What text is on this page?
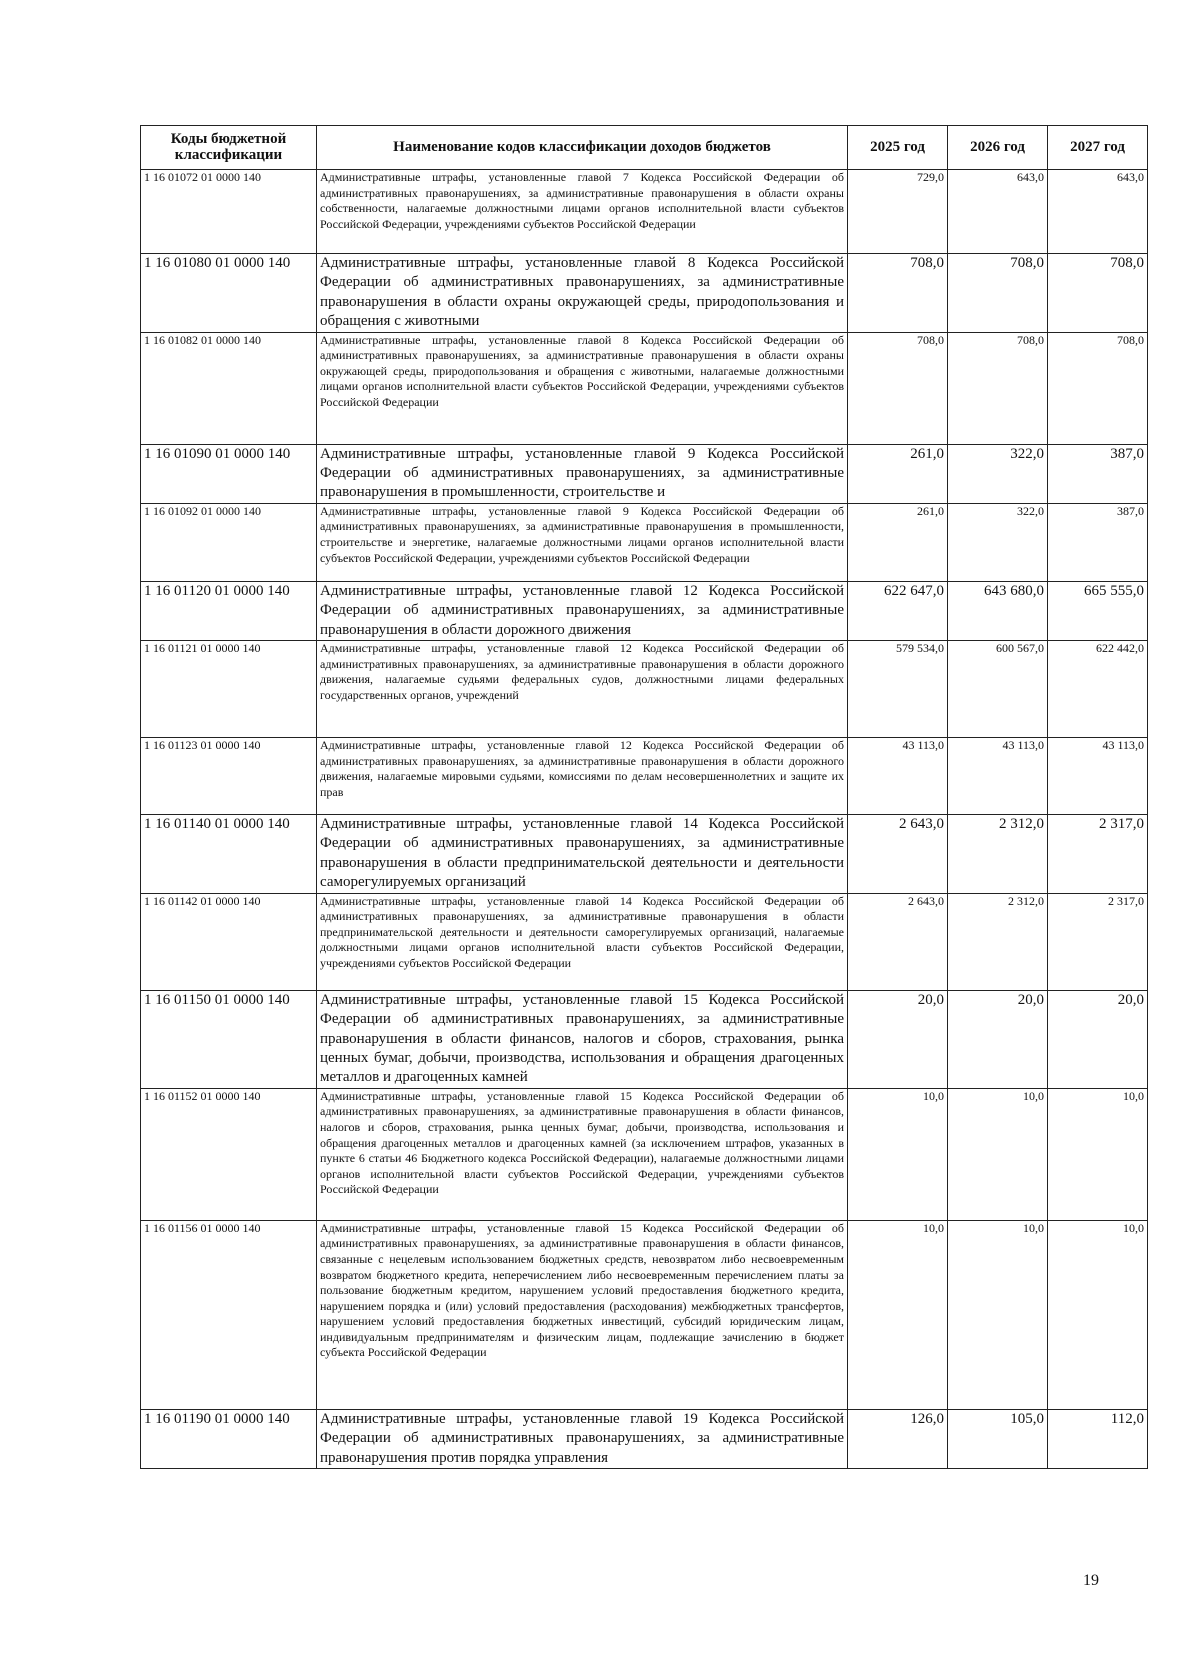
Коды бюджетной классификации	Наименование кодов классификации доходов бюджетов	2025 год	2026 год	2027 год
1 16 01072 01 0000 140	Административные штрафы, установленные главой 7 Кодекса Российской Федерации об административных правонарушениях, за административные правонарушения в области охраны собственности, налагаемые должностными лицами органов исполнительной власти субъектов Российской Федерации, учреждениями субъектов Российской Федерации	729,0	643,0	643,0
1 16 01080 01 0000 140	Административные штрафы, установленные главой 8 Кодекса Российской Федерации об административных правонарушениях, за административные правонарушения в области охраны окружающей среды, природопользования и обращения с животными	708,0	708,0	708,0
1 16 01082 01 0000 140	Административные штрафы, установленные главой 8 Кодекса Российской Федерации об административных правонарушениях, за административные правонарушения в области охраны окружающей среды, природопользования и обращения с животными, налагаемые должностными лицами органов исполнительной власти субъектов Российской Федерации, учреждениями субъектов Российской Федерации	708,0	708,0	708,0
1 16 01090 01 0000 140	Административные штрафы, установленные главой 9 Кодекса Российской Федерации об административных правонарушениях, за административные правонарушения в промышленности, строительстве и	261,0	322,0	387,0
1 16 01092 01 0000 140	Административные штрафы, установленные главой 9 Кодекса Российской Федерации об административных правонарушениях, за административные правонарушения в промышленности, строительстве и энергетике, налагаемые должностными лицами органов исполнительной власти субъектов Российской Федерации, учреждениями субъектов Российской Федерации	261,0	322,0	387,0
1 16 01120 01 0000 140	Административные штрафы, установленные главой 12 Кодекса Российской Федерации об административных правонарушениях, за административные правонарушения в области дорожного движения	622 647,0	643 680,0	665 555,0
1 16 01121 01 0000 140	Административные штрафы, установленные главой 12 Кодекса Российской Федерации об административных правонарушениях, за административные правонарушения в области дорожного движения, налагаемые судьями федеральных судов, должностными лицами федеральных государственных органов, учреждений	579 534,0	600 567,0	622 442,0
1 16 01123 01 0000 140	Административные штрафы, установленные главой 12 Кодекса Российской Федерации об административных правонарушениях, за административные правонарушения в области дорожного движения, налагаемые мировыми судьями, комиссиями по делам несовершеннолетних и защите их прав	43 113,0	43 113,0	43 113,0
1 16 01140 01 0000 140	Административные штрафы, установленные главой 14 Кодекса Российской Федерации об административных правонарушениях, за административные правонарушения в области предпринимательской деятельности и деятельности саморегулируемых организаций	2 643,0	2 312,0	2 317,0
1 16 01142 01 0000 140	Административные штрафы, установленные главой 14 Кодекса Российской Федерации об административных правонарушениях, за административные правонарушения в области предпринимательской деятельности и деятельности саморегулируемых организаций, налагаемые должностными лицами органов исполнительной власти субъектов Российской Федерации, учреждениями субъектов Российской Федерации	2 643,0	2 312,0	2 317,0
1 16 01150 01 0000 140	Административные штрафы, установленные главой 15 Кодекса Российской Федерации об административных правонарушениях, за административные правонарушения в области финансов, налогов и сборов, страхования, рынка ценных бумаг, добычи, производства, использования и обращения драгоценных металлов и драгоценных камней	20,0	20,0	20,0
1 16 01152 01 0000 140	Административные штрафы, установленные главой 15 Кодекса Российской Федерации об административных правонарушениях, за административные правонарушения в области финансов, налогов и сборов, страхования, рынка ценных бумаг, добычи, производства, использования и обращения драгоценных металлов и драгоценных камней (за исключением штрафов, указанных в пункте 6 статьи 46 Бюджетного кодекса Российской Федерации), налагаемые должностными лицами органов исполнительной власти субъектов Российской Федерации, учреждениями субъектов Российской Федерации	10,0	10,0	10,0
1 16 01156 01 0000 140	Административные штрафы, установленные главой 15 Кодекса Российской Федерации об административных правонарушениях, за административные правонарушения в области финансов, связанные с нецелевым использованием бюджетных средств, невозвратом либо несвоевременным возвратом бюджетного кредита, неперечислением либо несвоевременным перечислением платы за пользование бюджетным кредитом, нарушением условий предоставления бюджетного кредита, нарушением порядка и (или) условий предоставления (расходования) межбюджетных трансфертов, нарушением условий предоставления бюджетных инвестиций, субсидий юридическим лицам, индивидуальным предпринимателям и физическим лицам, подлежащие зачислению в бюджет субъекта Российской Федерации	10,0	10,0	10,0
1 16 01190 01 0000 140	Административные штрафы, установленные главой 19 Кодекса Российской Федерации об административных правонарушениях, за административные правонарушения против порядка управления	126,0	105,0	112,0
19
